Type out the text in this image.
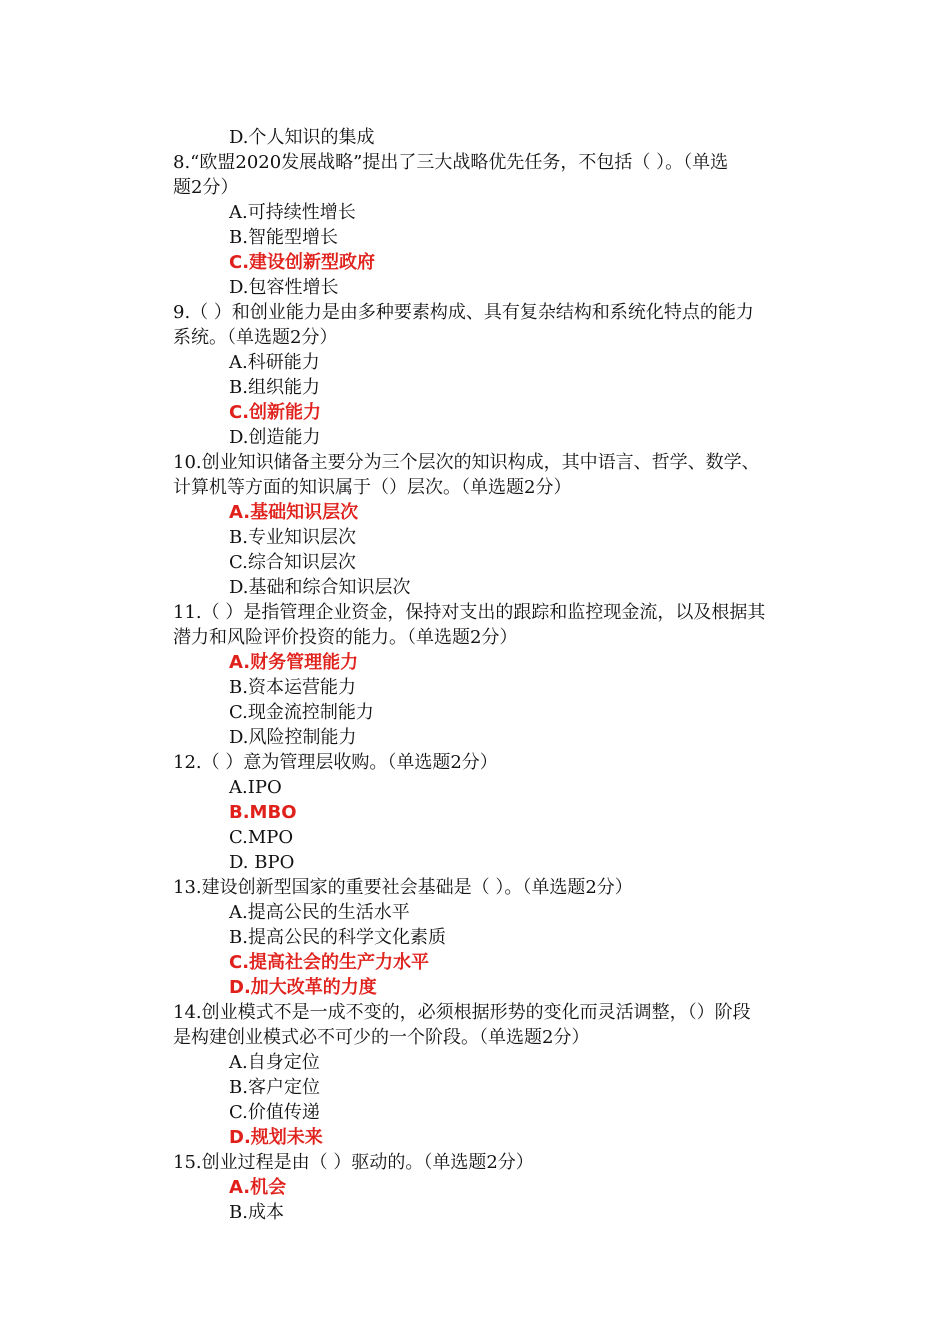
D.个人知识的集成
8.“欧盟2020发展战略”提出了三大战略优先任务，不包括（ ）。（单选
题2分）
A.可持续性增长
B.智能型增长
C.建设创新型政府
D.包容性增长
9.（ ）和创业能力是由多种要素构成、具有复杂结构和系统化特点的能力
系统。（单选题2分）
A.科研能力
B.组织能力
C.创新能力
D.创造能力
10.创业知识储备主要分为三个层次的知识构成，其中语言、哲学、数学、
计算机等方面的知识属于（）层次。（单选题2分）
A.基础知识层次
B.专业知识层次
C.综合知识层次
D.基础和综合知识层次
11.（ ）是指管理企业资金，保持对支出的跟踪和监控现金流，以及根据其
潜力和风险评价投资的能力。（单选题2分）
A.财务管理能力
B.资本运营能力
C.现金流控制能力
D.风险控制能力
12.（ ）意为管理层收购。（单选题2分）
A.IPO
B.MBO
C.MPO
D. BPO
13.建设创新型国家的重要社会基础是（ ）。（单选题2分）
A.提高公民的生活水平
B.提高公民的科学文化素质
C.提高社会的生产力水平
D.加大改革的力度
14.创业模式不是一成不变的，必须根据形势的变化而灵活调整，（）阶段
是构建创业模式必不可少的一个阶段。（单选题2分）
A.自身定位
B.客户定位
C.价值传递
D.规划未来
15.创业过程是由（ ）驱动的。（单选题2分）
A.机会
B.成本
